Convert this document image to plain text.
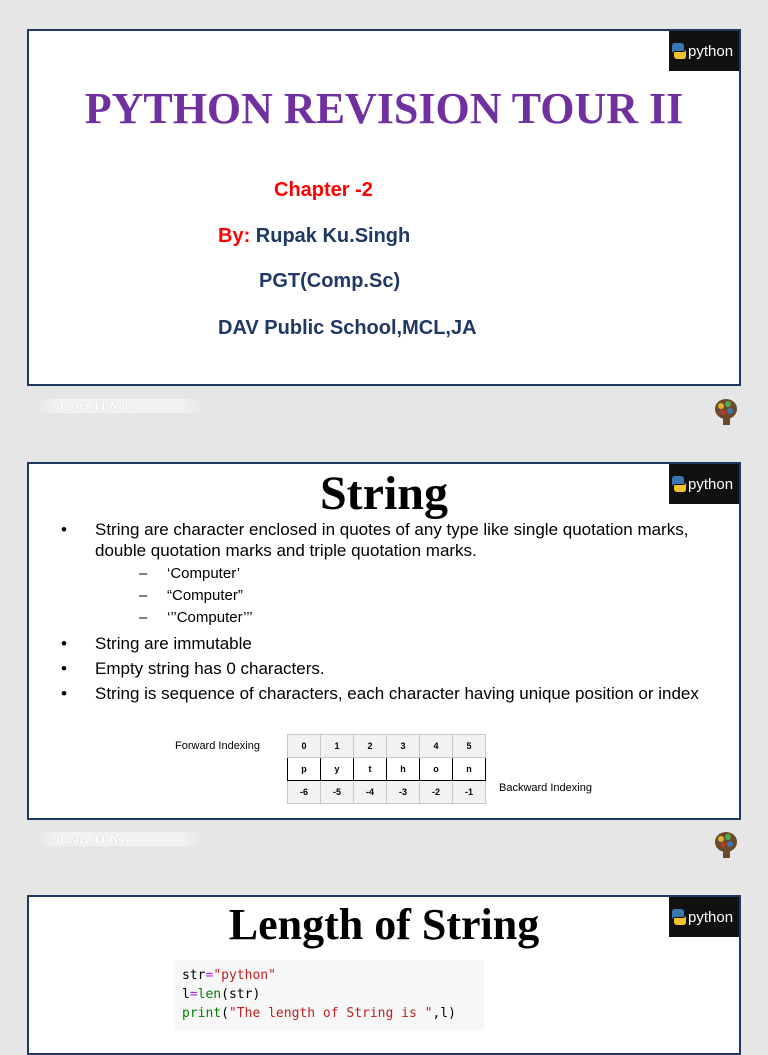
python
PYTHON REVISION TOUR II

Chapter -2

By: Rupak Ku.Singh

PGT(Comp.Sc)

DAV Public School,MCL,JA

Learn IT Now
python
String
• String are character enclosed in quotes of any type like single quotation marks, double quotation marks and triple quotation marks.
– ‘Computer’
– “Computer”
– ‘’’Computer’’’
• String are immutable
• Empty string has 0 characters.
• String is sequence of characters, each character having unique position or index
Forward Indexing
Backward Indexing
0	1	2	3	4	5
p	y	t	h	o	n
-6	-5	-4	-3	-2	-1
Learn IT Now
python
Length of String
str="python"
l=len(str)
print("The length of String is ",l)
